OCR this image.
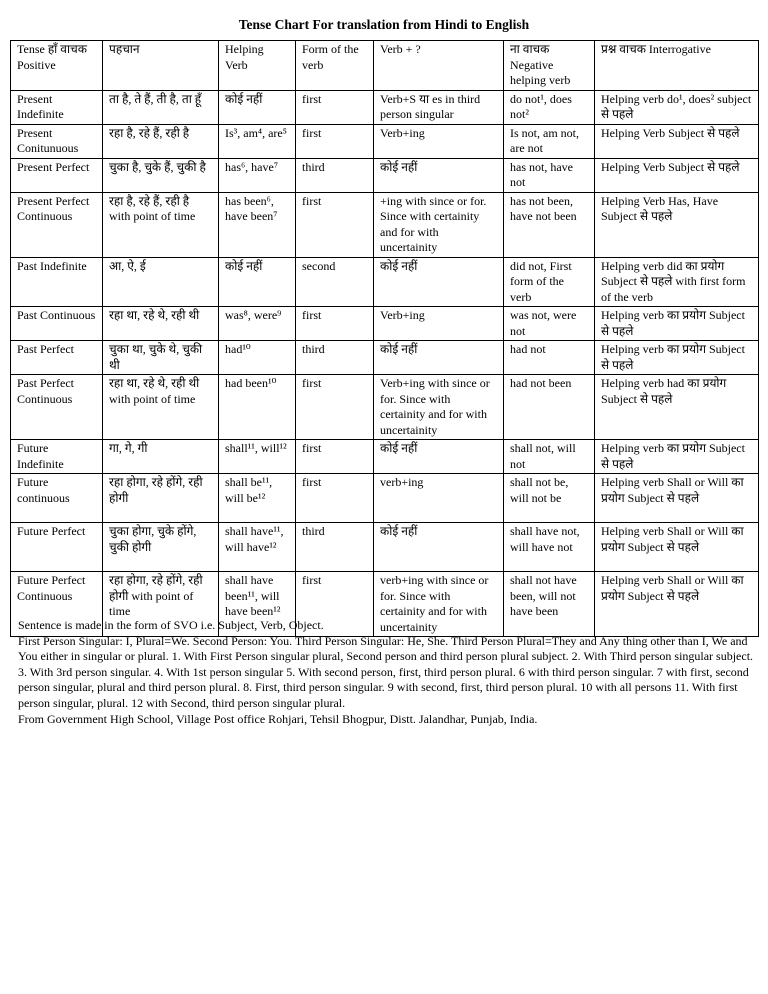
Tense Chart For translation from Hindi to English
Tense हाँ वाचक Positive	पहचान	Helping Verb	Form of the verb	Verb + ?	ना वाचक Negative helping verb	प्रश्न वाचक Interrogative
Present Indefinite	ता है, ते हैं, ती है, ता हूँ	कोई नहीं	first	Verb+S या es in third person singular	do not¹, does not²	Helping verb do¹, does² subject से पहले
Present Conitunuous	रहा है, रहे हैं, रही है	Is³, am⁴, are⁵	first	Verb+ing	Is not, am not, are not	Helping Verb Subject से पहले
Present Perfect	चुका है, चुके हैं, चुकी है	has⁶, have⁷	third	कोई नहीं	has not, have not	Helping Verb Subject से पहले
Present Perfect Continuous	रहा है, रहे हैं, रही है with point of time	has been⁶, have been⁷	first	+ing with since or for. Since with certainity and for with uncertainity	has not been, have not been	Helping Verb Has, Have Subject से पहले
Past Indefinite	आ, ऐ, ई	कोई नहीं	second	कोई नहीं	did not, First form of the verb	Helping verb did का प्रयोग Subject से पहले with first form of the verb
Past Continuous	रहा था, रहे थे, रही थी	was⁸, were⁹	first	Verb+ing	was not, were not	Helping verb का प्रयोग Subject से पहले
Past Perfect	चुका था, चुके थे, चुकी थी	had¹⁰	third	कोई नहीं	had not	Helping verb का प्रयोग Subject से पहले
Past Perfect Continuous	रहा था, रहे थे, रही थी with point of time	had been¹⁰	first	Verb+ing with since or for. Since with certainity and for with uncertainity	had not been	Helping verb had का प्रयोग Subject से पहले
Future Indefinite	गा, गे, गी	shall¹¹, will¹²	first	कोई नहीं	shall not, will not	Helping verb का प्रयोग Subject से पहले
Future continuous	रहा होगा, रहे होंगे, रही होगी	shall be¹¹, will be¹²	first	verb+ing	shall not be, will not be	Helping verb Shall or Will का प्रयोग Subject से पहले
Future Perfect	चुका होगा, चुके होंगे, चुकी होगी	shall have¹¹, will have¹²	third	कोई नहीं	shall have not, will have not	Helping verb Shall or Will का प्रयोग Subject से पहले
Future Perfect Continuous	रहा होगा, रहे होंगे, रही होगी with point of time	shall have been¹¹, will have been¹²	first	verb+ing with since or for. Since with certainity and for with uncertainity	shall not have been, will not have been	Helping verb Shall or Will का प्रयोग Subject से पहले

Sentence is made in the form of SVO i.e. Subject, Verb, Object.

First Person Singular: I, Plural=We. Second Person: You. Third Person Singular: He, She. Third Person Plural=They and Any thing other than I, We and You either in singular or plural. 1. With First Person singular plural, Second person and third person plural subject. 2. With Third person singular subject. 3. With 3rd person singular. 4. With 1st person singular 5. With second person, first, third person plural. 6 with third person singular. 7 with first, second person singular, plural and third person plural. 8. First, third person singular. 9 with second, first, third person plural. 10 with all persons 11. With first person singular, plural. 12 with Second, third person singular plural.

From Government High School, Village Post office Rohjari, Tehsil Bhogpur, Distt. Jalandhar, Punjab, India.
